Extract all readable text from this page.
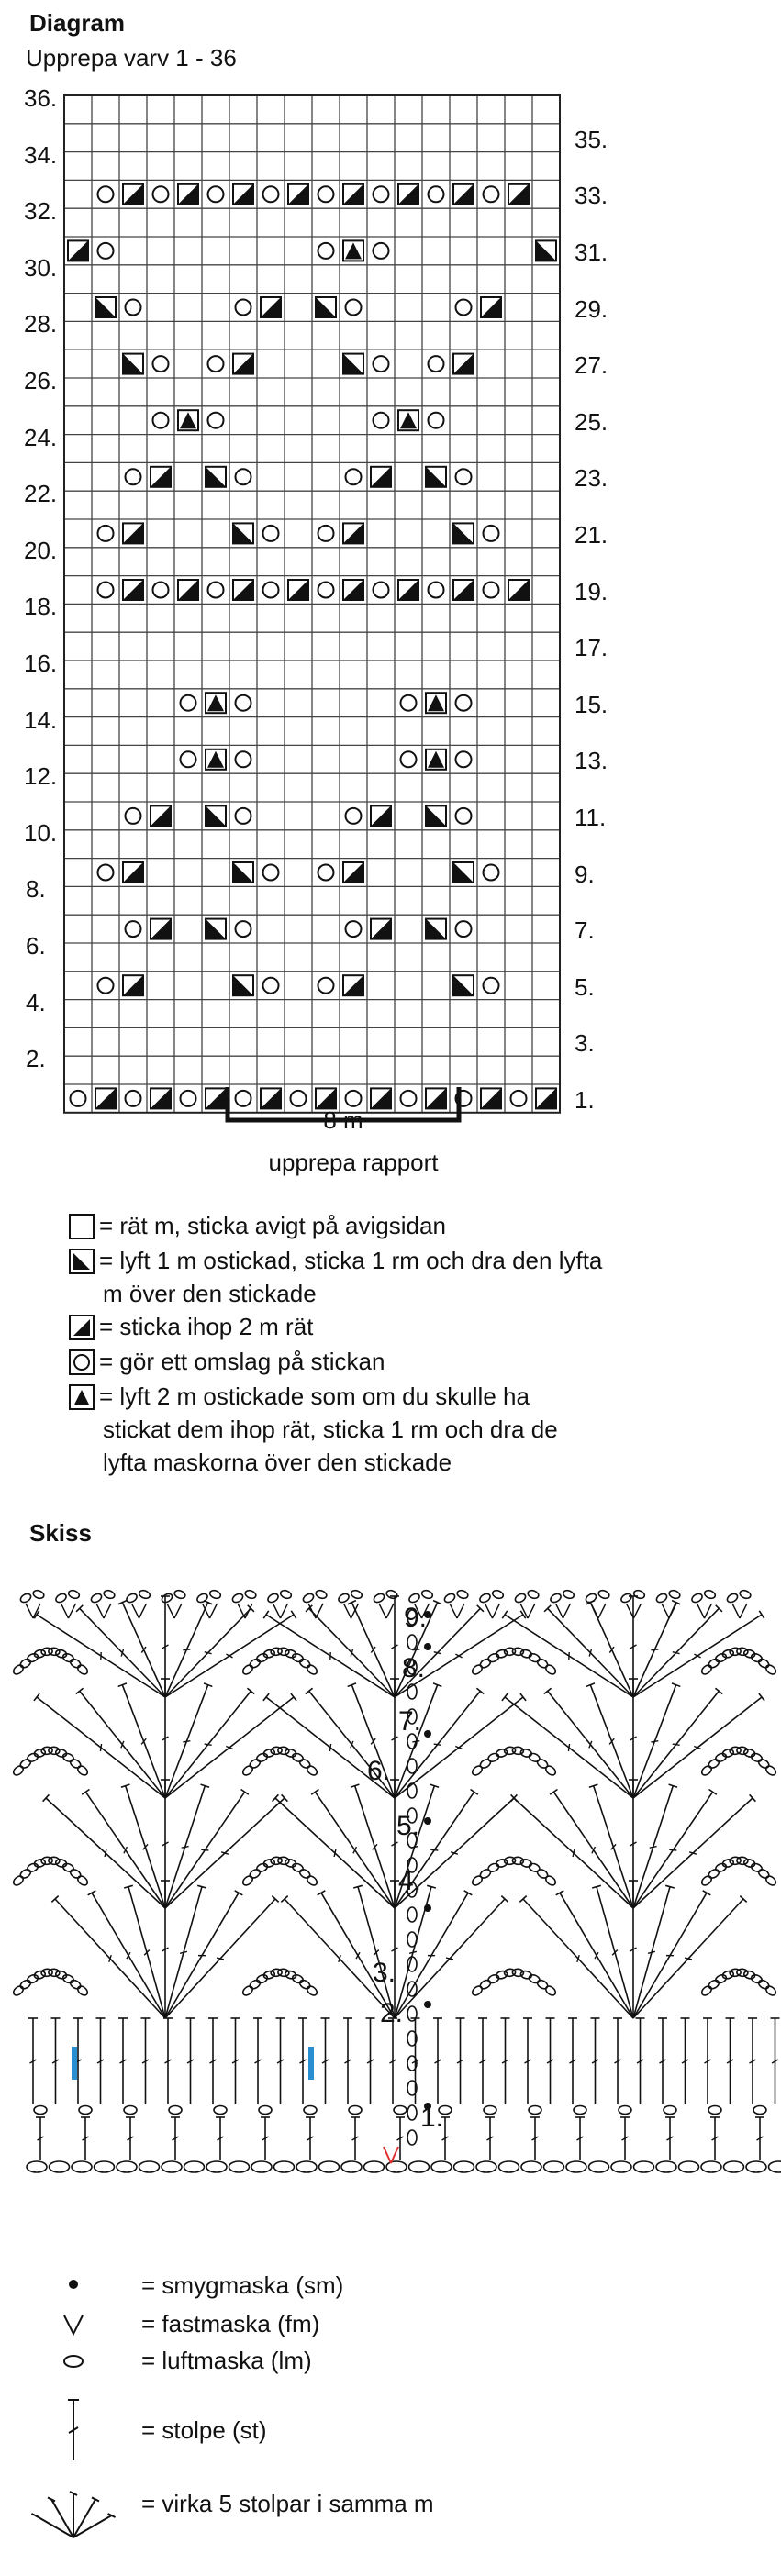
Diagram
Upprepa varv 1 - 36
36.
34.
32.
30.
28.
26.
24.
22.
20.
18.
16.
14.
12.
10.
8.
6.
4.
2.
35.
33.
31.
29.
27.
25.
23.
21.
19.
17.
15.
13.
11.
9.
7.
5.
3.
1.
8 m
upprepa rapport
= rät m, sticka avigt på avigsidan
= lyft 1 m ostickad, sticka 1 rm och dra den lyfta
m över den stickade
= sticka ihop 2 m rät
= gör ett omslag på stickan
= lyft 2 m ostickade som om du skulle ha
stickat dem ihop rät, sticka 1 rm och dra de
lyfta maskorna över den stickade
Skiss
1.
2.
3.
4.
5.
6.
7.
8.
9.
= smygmaska (sm)
= fastmaska (fm)
= luftmaska (lm)
= stolpe (st)
= virka 5 stolpar i samma m
